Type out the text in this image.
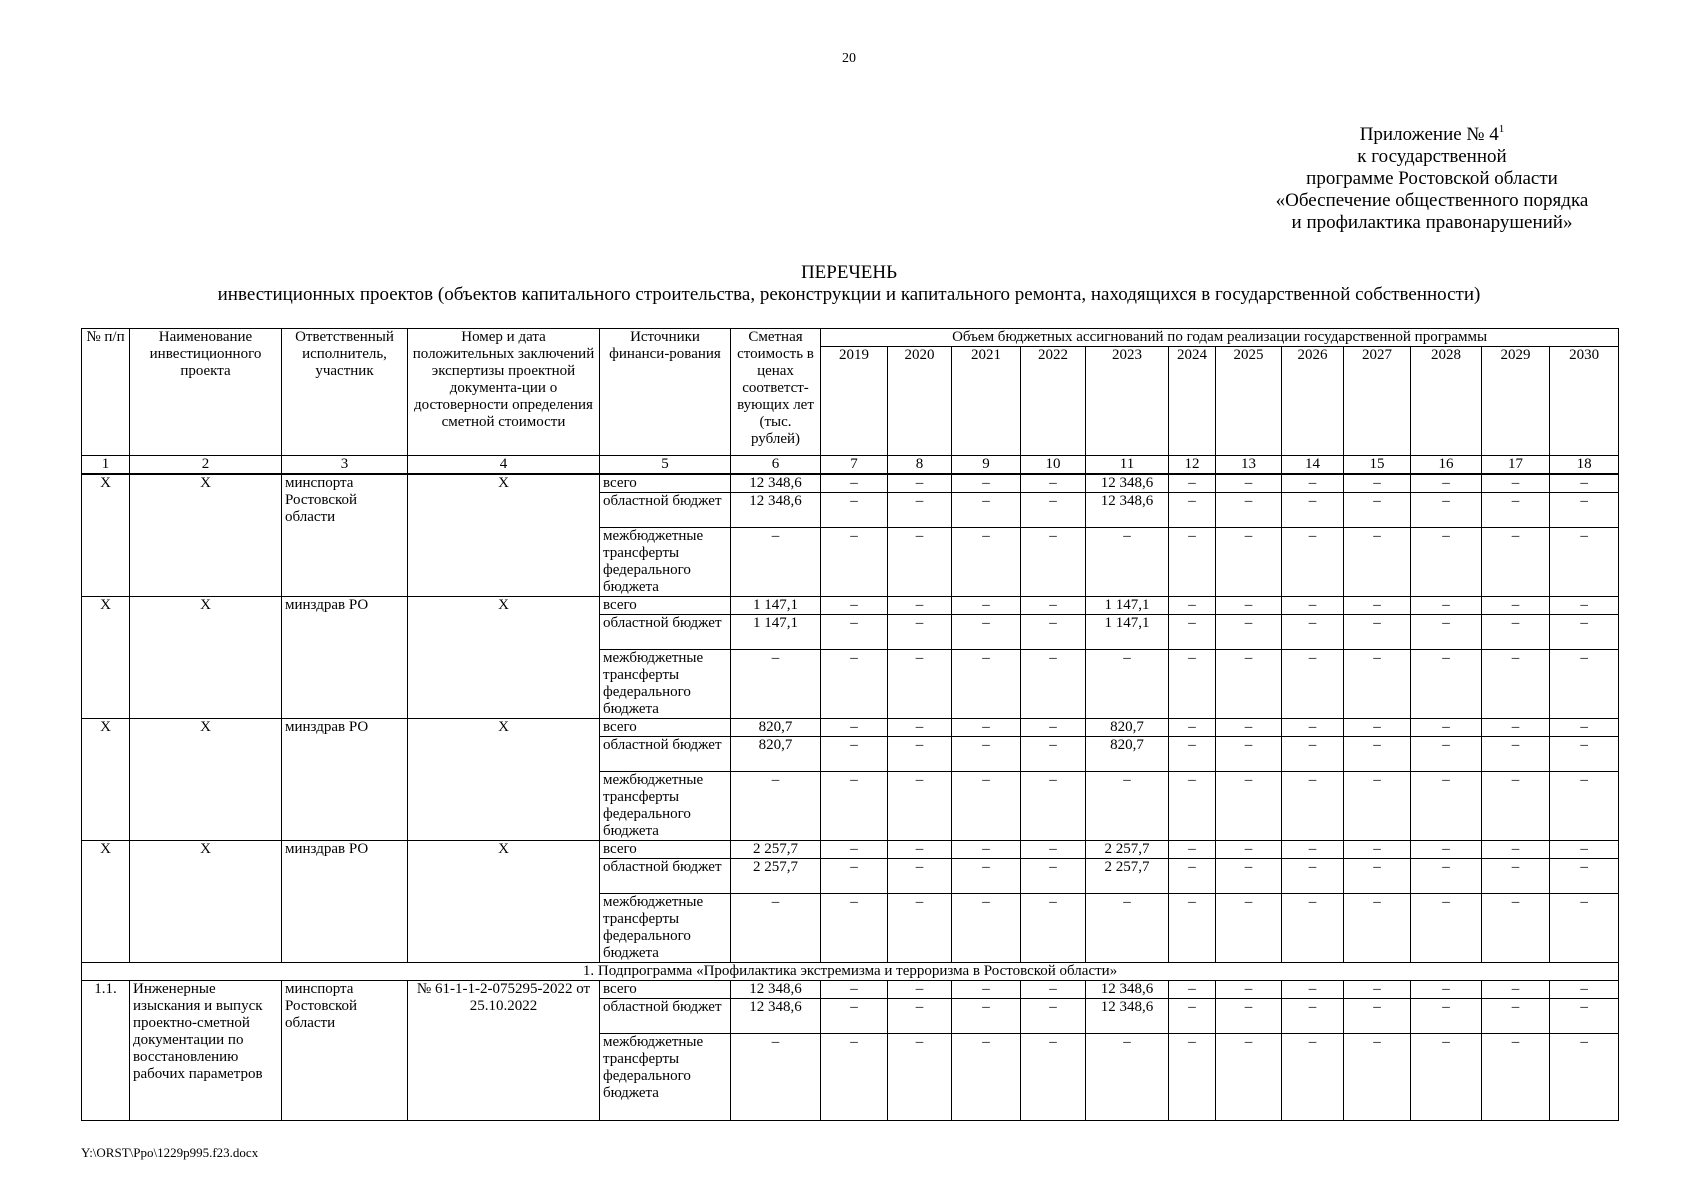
20
Приложение № $4^1$
к государственной
программе Ростовской области
«Обеспечение общественного порядка
и профилактика правонарушений»
ПЕРЕЧЕНЬ
инвестиционных проектов (объектов капитального строительства, реконструкции и капитального ремонта, находящихся в государственной собственности)
№ п/п	Наименование инвестиционного проекта	Ответственный исполнитель, участник	Номер и дата положительных заключений экспертизы проектной документа-ции о достоверности определения сметной стоимости	Источники финанси-рования	Сметная стоимость в ценах соответст-вующих лет (тыс. рублей)	Объем бюджетных ассигнований по годам реализации государственной программы											
						2019	2020	2021	2022	2023	2024	2025	2026	2027	2028	2029	2030
1	2	3	4	5	6	7	8	9	10	11	12	13	14	15	16	17	18
X	X	минспорта Ростовской области	X	всего	12 348,6	–	–	–	–	12 348,6	–	–	–	–	–	–	–
				областной бюджет	12 348,6	–	–	–	–	12 348,6	–	–	–	–	–	–	–
				межбюджетные трансферты федерального бюджета	–	–	–	–	–	–	–	–	–	–	–	–	–
X	X	минздрав РО	X	всего	1 147,1	–	–	–	–	1 147,1	–	–	–	–	–	–	–
				областной бюджет	1 147,1	–	–	–	–	1 147,1	–	–	–	–	–	–	–
				межбюджетные трансферты федерального бюджета	–	–	–	–	–	–	–	–	–	–	–	–	–
X	X	минздрав РО	X	всего	820,7	–	–	–	–	820,7	–	–	–	–	–	–	–
				областной бюджет	820,7	–	–	–	–	820,7	–	–	–	–	–	–	–
				межбюджетные трансферты федерального бюджета	–	–	–	–	–	–	–	–	–	–	–	–	–
X	X	минздрав РО	X	всего	2 257,7	–	–	–	–	2 257,7	–	–	–	–	–	–	–
				областной бюджет	2 257,7	–	–	–	–	2 257,7	–	–	–	–	–	–	–
				межбюджетные трансферты федерального бюджета	–	–	–	–	–	–	–	–	–	–	–	–	–
1. Подпрограмма «Профилактика экстремизма и терроризма в Ростовской области»																	
1.1.	Инженерные изыскания и выпуск проектно-сметной документации по восстановлению рабочих параметров	минспорта Ростовской области	№ 61-1-1-2-075295-2022 от 25.10.2022	всего	12 348,6	–	–	–	–	12 348,6	–	–	–	–	–	–	–
				областной бюджет	12 348,6	–	–	–	–	12 348,6	–	–	–	–	–	–	–
				межбюджетные трансферты федерального бюджета	–	–	–	–	–	–	–	–	–	–	–	–	–
Y:\ORST\Ppo\1229p995.f23.docx
